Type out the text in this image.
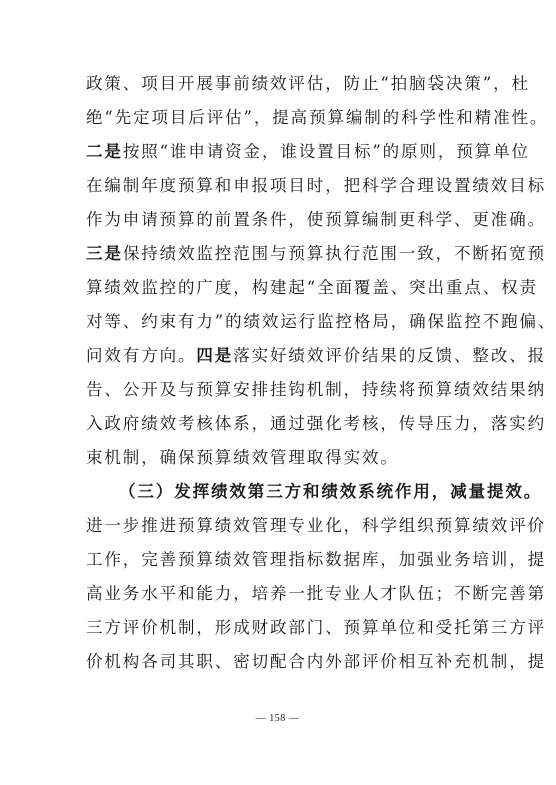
政策、项目开展事前绩效评估，防止“拍脑袋决策”，杜
绝“先定项目后评估”，提高预算编制的科学性和精准性。
二是按照“谁申请资金，谁设置目标”的原则，预算单位
在编制年度预算和申报项目时，把科学合理设置绩效目标
作为申请预算的前置条件，使预算编制更科学、更准确。
三是保持绩效监控范围与预算执行范围一致，不断拓宽预
算绩效监控的广度，构建起“全面覆盖、突出重点、权责
对等、约束有力”的绩效运行监控格局，确保监控不跑偏、
问效有方向。四是落实好绩效评价结果的反馈、整改、报
告、公开及与预算安排挂钩机制，持续将预算绩效结果纳
入政府绩效考核体系，通过强化考核，传导压力，落实约
束机制，确保预算绩效管理取得实效。
（三）发挥绩效第三方和绩效系统作用，减量提效。
进一步推进预算绩效管理专业化，科学组织预算绩效评价
工作，完善预算绩效管理指标数据库，加强业务培训，提
高业务水平和能力，培养一批专业人才队伍；不断完善第
三方评价机制，形成财政部门、预算单位和受托第三方评
价机构各司其职、密切配合内外部评价相互补充机制，提
— 158 —
